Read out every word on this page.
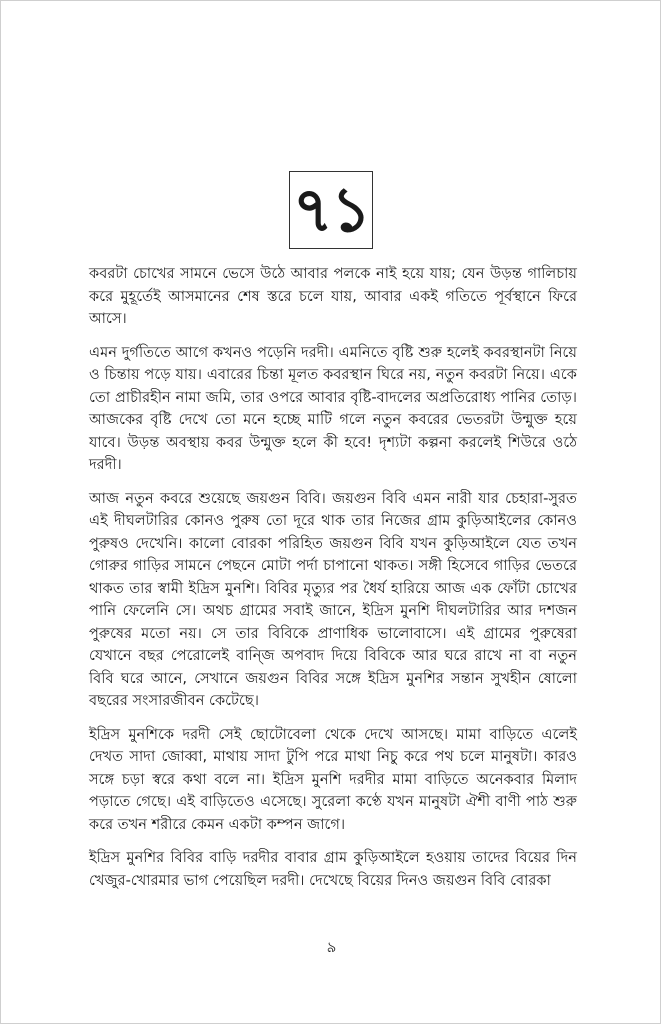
৭১

কবরটা চোখের সামনে ভেসে উঠে আবার পলকে নাই হয়ে যায়; যেন উড়ন্ত গালিচায় করে মুহূর্তেই আসমানের শেষ স্তরে চলে যায়, আবার একই গতিতে পূর্বস্থানে ফিরে আসে।

এমন দুর্গতিতে আগে কখনও পড়েনি দরদী। এমনিতে বৃষ্টি শুরু হলেই কবরস্থানটা নিয়ে ও চিন্তায় পড়ে যায়। এবারের চিন্তা মূলত কবরস্থান ঘিরে নয়, নতুন কবরটা নিয়ে। একে তো প্রাচীরহীন নামা জমি, তার ওপরে আবার বৃষ্টি-বাদলের অপ্রতিরোধ্য পানির তোড়। আজকের বৃষ্টি দেখে তো মনে হচ্ছে মাটি গলে নতুন কবরের ভেতরটা উন্মুক্ত হয়ে যাবে। উড়ন্ত অবস্থায় কবর উন্মুক্ত হলে কী হবে! দৃশ্যটা কল্পনা করলেই শিউরে ওঠে দরদী।

আজ নতুন কবরে শুয়েছে জয়গুন বিবি। জয়গুন বিবি এমন নারী যার চেহারা-সুরত এই দীঘলটারির কোনও পুরুষ তো দূরে থাক তার নিজের গ্রাম কুড়িআইলের কোনও পুরুষও দেখেনি। কালো বোরকা পরিহিত জয়গুন বিবি যখন কুড়িআইলে যেত তখন গোরুর গাড়ির সামনে পেছনে মোটা পর্দা চাপানো থাকত। সঙ্গী হিসেবে গাড়ির ভেতরে থাকত তার স্বামী ইদ্রিস মুনশি। বিবির মৃত্যুর পর ধৈর্য হারিয়ে আজ এক ফোঁটা চোখের পানি ফেলেনি সে। অথচ গ্রামের সবাই জানে, ইদ্রিস মুনশি দীঘলটারির আর দশজন পুরুষের মতো নয়। সে তার বিবিকে প্রাণাধিক ভালোবাসে। এই গ্রামের পুরুষেরা যেখানে বছর পেরোলেই বান্জি অপবাদ দিয়ে বিবিকে আর ঘরে রাখে না বা নতুন বিবি ঘরে আনে, সেখানে জয়গুন বিবির সঙ্গে ইদ্রিস মুনশির সন্তান সুখহীন ষোলো বছরের সংসারজীবন কেটেছে।

ইদ্রিস মুনশিকে দরদী সেই ছোটোবেলা থেকে দেখে আসছে। মামা বাড়িতে এলেই দেখত সাদা জোব্বা, মাথায় সাদা টুপি পরে মাথা নিচু করে পথ চলে মানুষটা। কারও সঙ্গে চড়া স্বরে কথা বলে না। ইদ্রিস মুনশি দরদীর মামা বাড়িতে অনেকবার মিলাদ পড়াতে গেছে। এই বাড়িতেও এসেছে। সুরেলা কণ্ঠে যখন মানুষটা ঐশী বাণী পাঠ শুরু করে তখন শরীরে কেমন একটা কম্পন জাগে।

ইদ্রিস মুনশির বিবির বাড়ি দরদীর বাবার গ্রাম কুড়িআইলে হওয়ায় তাদের বিয়ের দিন খেজুর-খোরমার ভাগ পেয়েছিল দরদী। দেখেছে বিয়ের দিনও জয়গুন বিবি বোরকা

৯
